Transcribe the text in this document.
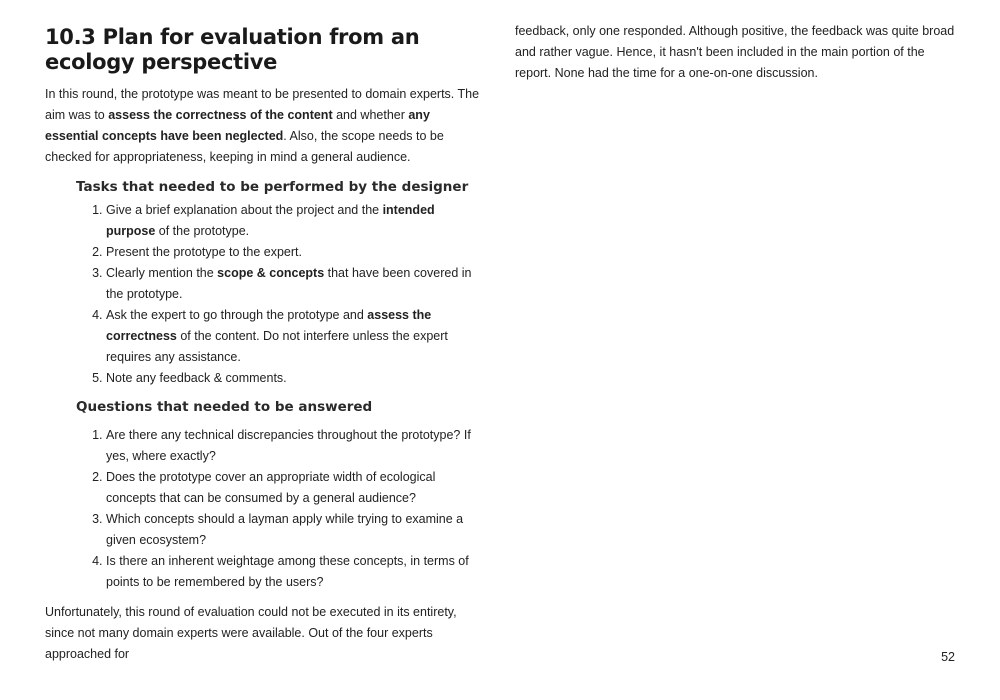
10.3 Plan for evaluation from an ecology perspective

In this round, the prototype was meant to be presented to domain experts. The aim was to assess the correctness of the content and whether any essential concepts have been neglected. Also, the scope needs to be checked for appropriateness, keeping in mind a general audience.

Tasks that needed to be performed by the designer
1. Give a brief explanation about the project and the intended purpose of the prototype.
2. Present the prototype to the expert.
3. Clearly mention the scope & concepts that have been covered in the prototype.
4. Ask the expert to go through the prototype and assess the correctness of the content. Do not interfere unless the expert requires any assistance.
5. Note any feedback & comments.
Questions that needed to be answered
1. Are there any technical discrepancies throughout the prototype? If yes, where exactly?
2. Does the prototype cover an appropriate width of ecological concepts that can be consumed by a general audience?
3. Which concepts should a layman apply while trying to examine a given ecosystem?
4. Is there an inherent weightage among these concepts, in terms of points to be remembered by the users?

Unfortunately, this round of evaluation could not be executed in its entirety, since not many domain experts were available. Out of the four experts approached for

feedback, only one responded. Although positive, the feedback was quite broad and rather vague. Hence, it hasn't been included in the main portion of the report. None had the time for a one-on-one discussion.

52
